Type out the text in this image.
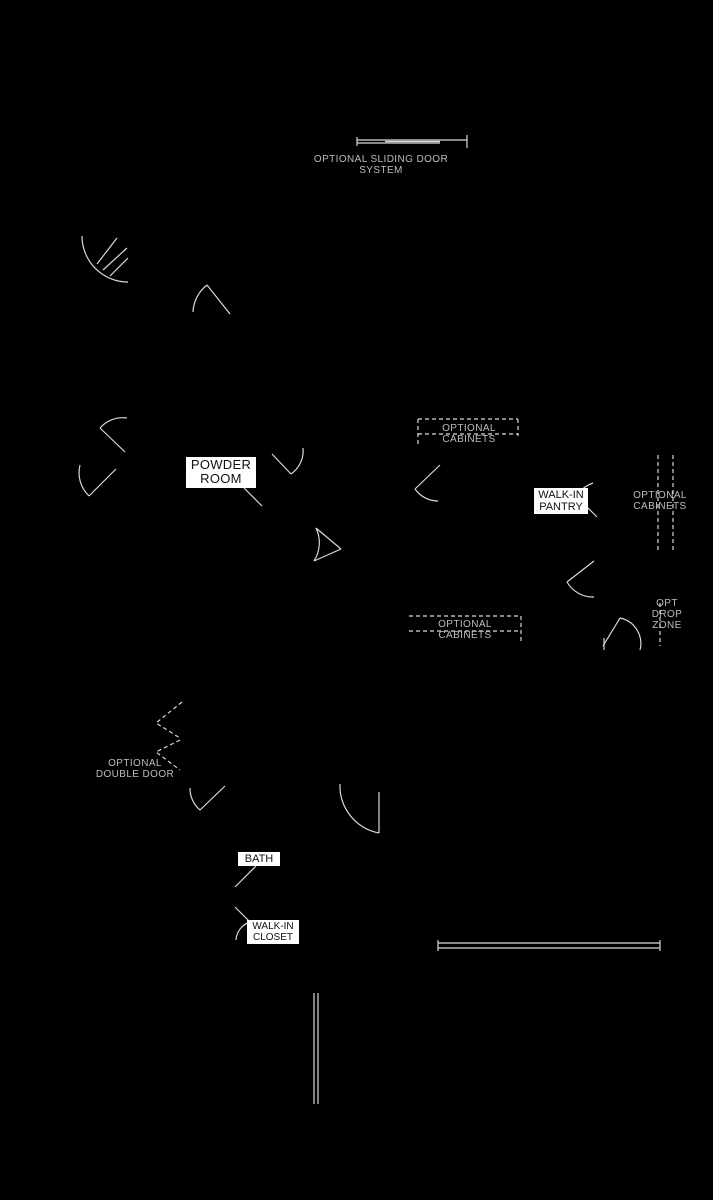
OPTIONAL SLIDING DOOR SYSTEM
POWDER
ROOM
OPTIONAL
CABINETS
WALK-IN
PANTRY
OPTIONAL
CABINETS
OPT
DROP
ZONE
OPTIONAL
CABINETS
OPTIONAL
DOUBLE DOOR
BATH
WALK-IN
CLOSET
